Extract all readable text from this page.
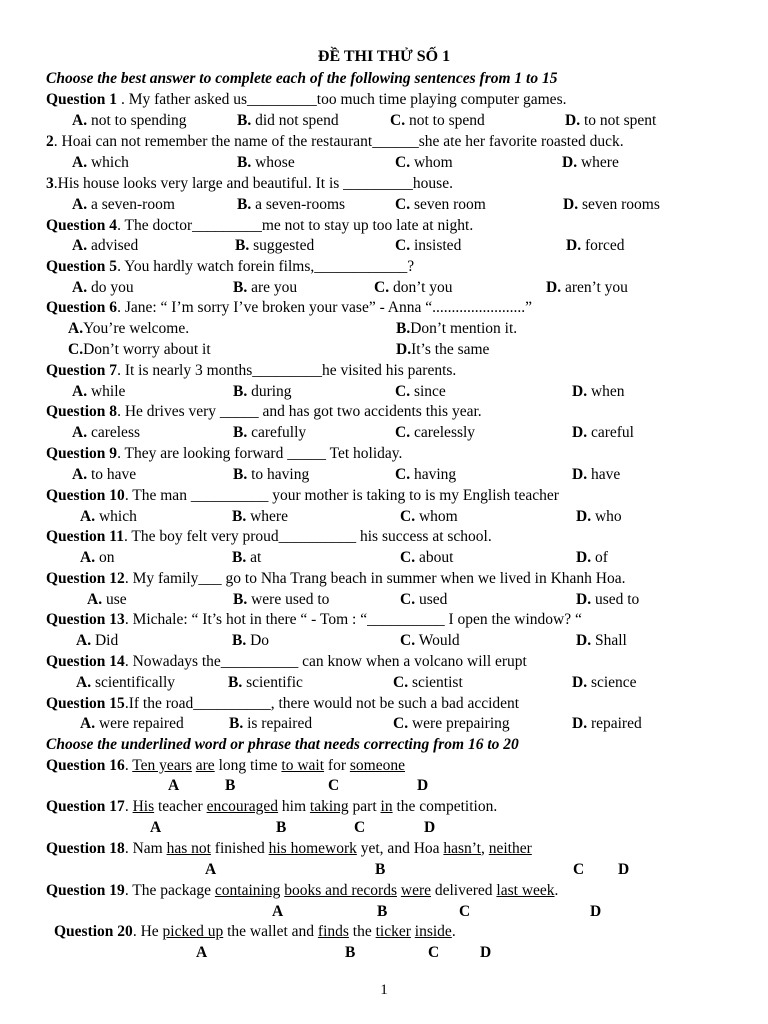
ĐỀ THI THỬ SỐ 1
Choose the best answer to complete each of the following sentences from 1 to 15
Question 1 . My father asked us_________too much time playing computer games.
A. not to spending	B. did not spend	C. not to spend	D. to not spent
2. Hoai can not remember the name of the restaurant______she ate her favorite roasted duck.
A. which	B. whose	C. whom	D. where
3.His house looks very large and beautiful. It is _________house.
A. a seven-room	B. a seven-rooms	C. seven room	D. seven rooms
Question 4. The doctor_________me not to stay up too late at night.
A. advised	B. suggested	C. insisted	D. forced
Question 5. You hardly watch forein films,____________?
A. do you	B. are you	C. don’t you	D. aren’t you
Question 6. Jane: “ I’m sorry I’ve broken your vase” - Anna “........................”
A.You’re welcome.	B.Don’t mention it.
C.Don’t worry about it	D.It’s the same
Question 7. It is nearly 3 months_________he visited his parents.
A. while	B. during	C. since	D. when
Question 8. He drives very _____ and has got two accidents this year.
A. careless	B. carefully	C. carelessly	D. careful
Question 9. They are looking forward _____ Tet holiday.
A. to have	B. to having	C. having	D. have
Question 10. The man __________ your mother is taking to is my English teacher
A. which	B. where	C. whom	D. who
Question 11. The boy felt very proud__________ his success at school.
A. on	B. at	C. about	D. of
Question 12. My family___ go to Nha Trang beach in summer when we lived in Khanh Hoa.
A. use	B. were used to	C. used	D. used to
Question 13. Michale: “ It’s hot in there “ - Tom : “__________ I open the window? “
A. Did	B. Do	C. Would	D. Shall
Question 14. Nowadays the__________ can know when a volcano will erupt
A. scientifically	B. scientific	C. scientist	D. science
Question 15.If the road__________, there would not be such a bad accident
A. were repaired	B. is repaired	C. were prepairing	D. repaired
Choose the underlined word or phrase that needs correcting from 16 to 20
Question 16. Ten years are long time to wait for someone
A	B	C	D
Question 17. His teacher encouraged him taking part in the competition.
A	B	C	D
Question 18. Nam has not finished his homework yet, and Hoa hasn’t, neither
A	B	C D
Question 19. The package containing books and records were delivered last week.
A	B	C	D
Question 20. He picked up the wallet and finds the ticker inside.
A	B	C	D
1
